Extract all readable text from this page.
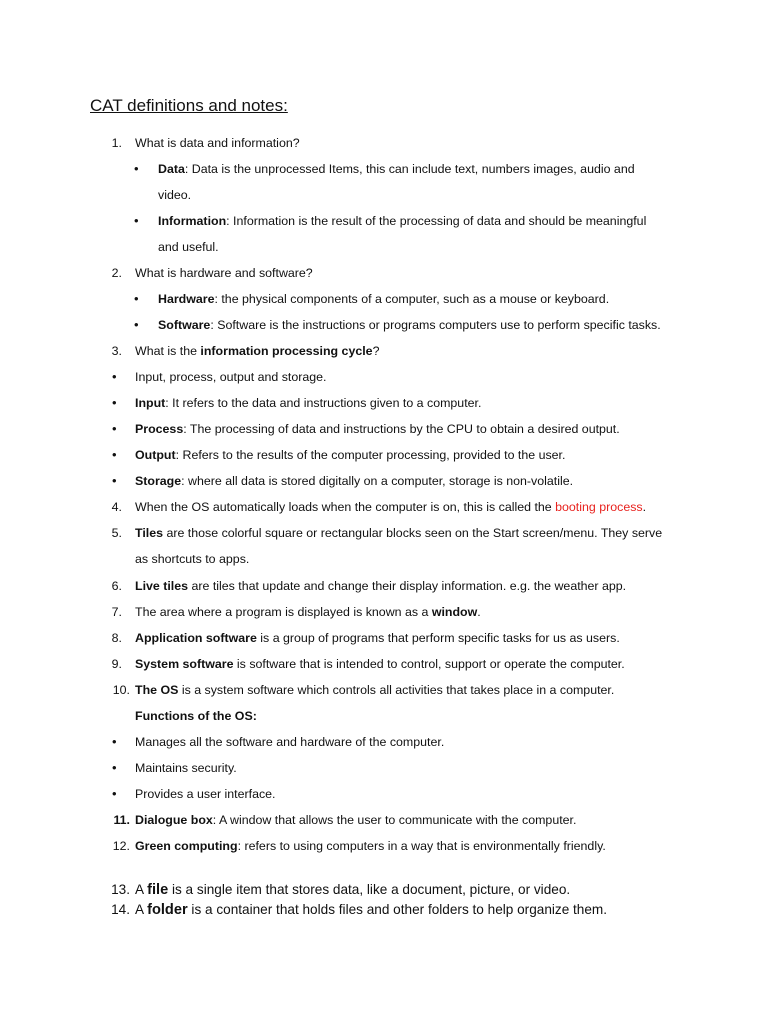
CAT definitions and notes:
1. What is data and information?
• Data: Data is the unprocessed Items, this can include text, numbers images, audio and
video.
• Information: Information is the result of the processing of data and should be meaningful
and useful.
2. What is hardware and software?
• Hardware: the physical components of a computer, such as a mouse or keyboard.
• Software: Software is the instructions or programs computers use to perform specific tasks.
3. What is the information processing cycle?
• Input, process, output and storage.
• Input: It refers to the data and instructions given to a computer.
• Process: The processing of data and instructions by the CPU to obtain a desired output.
• Output: Refers to the results of the computer processing, provided to the user.
• Storage: where all data is stored digitally on a computer, storage is non-volatile.
4. When the OS automatically loads when the computer is on, this is called the booting process.
5. Tiles are those colorful square or rectangular blocks seen on the Start screen/menu. They serve
as shortcuts to apps.
6. Live tiles are tiles that update and change their display information. e.g. the weather app.
7. The area where a program is displayed is known as a window.
8. Application software is a group of programs that perform specific tasks for us as users.
9. System software is software that is intended to control, support or operate the computer.
10. The OS is a system software which controls all activities that takes place in a computer.
Functions of the OS:
• Manages all the software and hardware of the computer.
• Maintains security.
• Provides a user interface.
11. Dialogue box: A window that allows the user to communicate with the computer.
12. Green computing: refers to using computers in a way that is environmentally friendly.
13. A file is a single item that stores data, like a document, picture, or video.
14. A folder is a container that holds files and other folders to help organize them.
